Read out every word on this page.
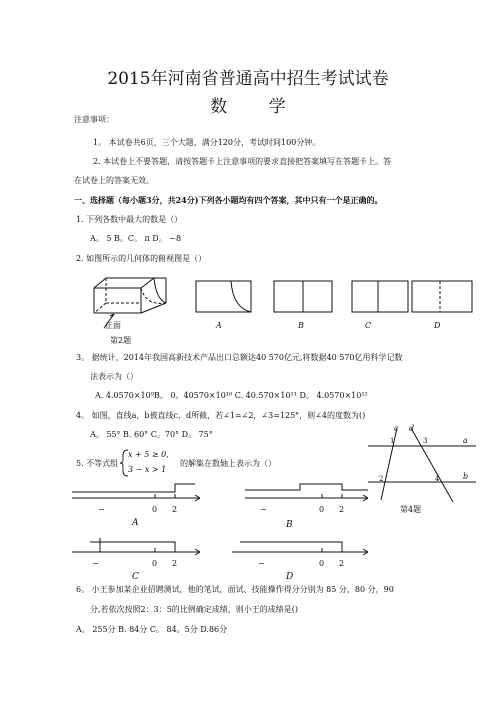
2015年河南省普通高中招生考试试卷
数 学
注意事项：
1。 本试卷共6页，三个大题，满分120分，考试时间100分钟。
2. 本试卷上不要答题，请按答题卡上注意事项的要求直接把答案填写在答题卡上。答
在试卷上的答案无效。
一、选择题（每小题3分，共24分)下列各小题均有四个答案，其中只有一个是正确的。
1. 下列各数中最大的数是（）
A。 5 B。C。 π D。 −8
2. 如图所示的几何体的俯视图是（）
正面	A	B	C	D
第2题
3。 据统计，2014年我国高新技术产品出口总额达40 570亿元,将数据40 570亿用科学记数
法表示为（）
A. 4.0570×10⁹B。 0。40570×10¹⁰ C. 40.570×10¹¹ D。 4.0570×10¹²
4。 如图，直线a，b被直线c，d所截，若∠1=∠2，∠3=125°，则∠4的度数为()
A。 55° B. 60° C。70° D。 75°
c d
a
b
1
2
3
4
第4题
5. 不等式组
x + 5 ≥ 0,
3 − x > 1
的解集在数轴上表示为（）
−	0 2	−	0 2
−	0 2	−	0 2
A	B
C	D
6。 小王参加某企业招聘测试，他的笔试，面试、技能操作得分分别为 85 分，80 分，90
分,若依次按照2：3：5的比例确定成绩，则小王的成绩是()
A。 255分 B. 84分 C。 84。5分 D.86分
